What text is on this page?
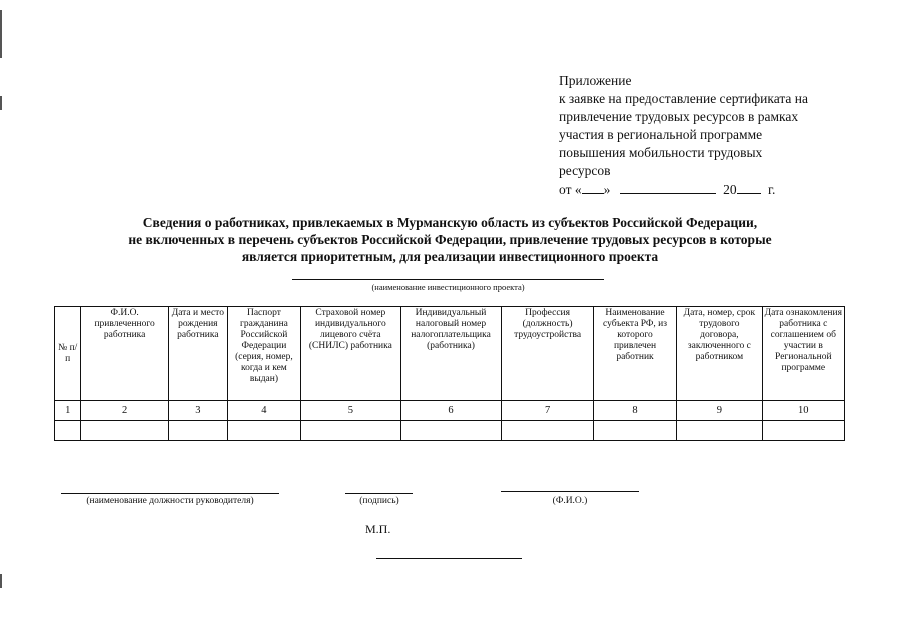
Приложение
к заявке на предоставление сертификата на
привлечение трудовых ресурсов в рамках
участия в региональной программе
повышения мобильности трудовых
ресурсов
от « »	20 г.
Сведения о работниках, привлекаемых в Мурманскую область из субъектов Российской Федерации,
не включенных в перечень субъектов Российской Федерации, привлечение трудовых ресурсов в которые
является приоритетным, для реализации инвестиционного проекта
(наименование инвестиционного проекта)
№ п/п	Ф.И.О. привлеченного работника	Дата и место рождения работника	Паспорт гражданина Российской Федерации (серия, номер, когда и кем выдан)	Страховой номер индивидуального лицевого счёта (СНИЛС) работника	Индивидуальный налоговый номер налогоплательщика (работника)	Профессия (должность) трудоустройства	Наименование субъекта РФ, из которого привлечен работник	Дата, номер, срок трудового договора, заключенного с работником	Дата ознакомления работника с соглашением об участии в Региональной программе
1	2	3	4	5	6	7	8	9	10

(наименование должности руководителя)	(подпись)	(Ф.И.О.)
М.П.
